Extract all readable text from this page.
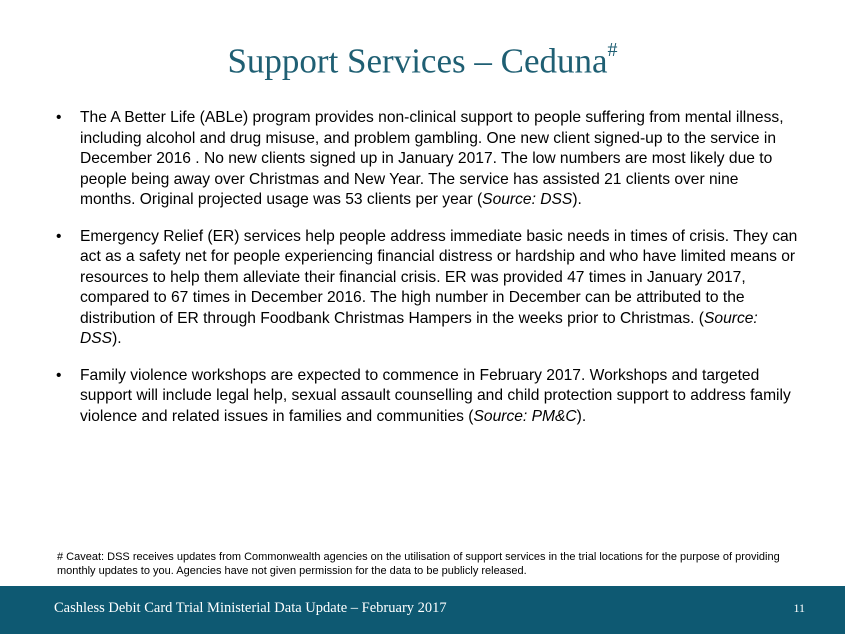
Support Services – Ceduna#
• The A Better Life (ABLe) program provides non-clinical support to people suffering from mental illness, including alcohol and drug misuse, and problem gambling. One new client signed-up to the service in December 2016 . No new clients signed up in January 2017. The low numbers are most likely due to people being away over Christmas and New Year. The service has assisted 21 clients over nine months. Original projected usage was 53 clients per year (Source: DSS).
• Emergency Relief (ER) services help people address immediate basic needs in times of crisis. They can act as a safety net for people experiencing financial distress or hardship and who have limited means or resources to help them alleviate their financial crisis. ER was provided 47 times in January 2017, compared to 67 times in December 2016. The high number in December can be attributed to the distribution of ER through Foodbank Christmas Hampers in the weeks prior to Christmas. (Source: DSS).
• Family violence workshops are expected to commence in February 2017. Workshops and targeted support will include legal help, sexual assault counselling and child protection support to address family violence and related issues in families and communities (Source: PM&C).
# Caveat: DSS receives updates from Commonwealth agencies on the utilisation of support services in the trial locations for the purpose of providing monthly updates to you. Agencies have not given permission for the data to be publicly released.
Cashless Debit Card Trial Ministerial Data Update – February 2017	11
